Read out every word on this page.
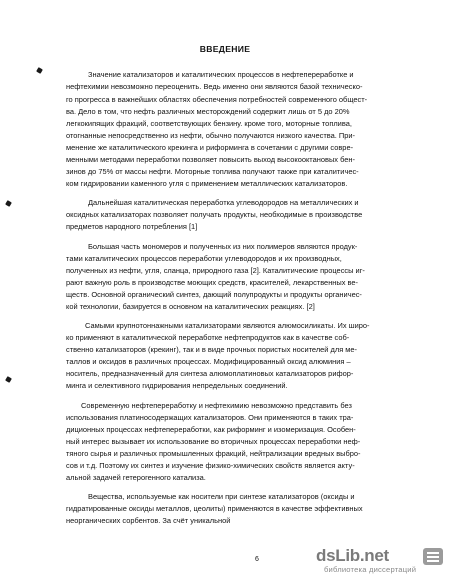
ВВЕДЕНИЕ
Значение катализаторов и каталитических процессов в нефтепереработке и
нефтехимии невозможно переоценить. Ведь именно они являются базой техническо-
го прогресса в важнейших областях обеспечения потребностей современного общест-
ва. Дело в том, что нефть различных месторождений содержит лишь от 5 до 20%
легкокипящих фракций, соответствующих бензину. кроме того, моторные топлива,
отогнанные непосредственно из нефти, обычно получаются низкого качества. При-
менение же каталитического крекинга и риформинга в сочетании с другими совре-
менными методами переработки позволяет повысить выход высокооктановых бен-
зинов до 75% от массы нефти. Моторные топлива получают также при каталитичес-
ком гидрировании каменного угля с применением металлических катализаторов.
Дальнейшая каталитическая переработка углеводородов на металлических и
оксидных катализаторах позволяет получать продукты, необходимые в производстве
предметов народного потребления [1]
Большая часть мономеров и полученных из них полимеров являются продук-
тами каталитических процессов переработки углеводородов и их производных,
полученных из нефти, угля, сланца, природного газа [2]. Каталитические процессы иг-
рают важную роль в производстве моющих средств, красителей, лекарственных ве-
ществ. Основной органический синтез, дающий полупродукты и продукты органичес-
кой технологии, базируется в основном на каталитических реакциях. [2]
Самыми крупнотоннажными катализаторами являются алюмосиликаты. Их широ-
ко применяют в каталитической переработке нефтепродуктов как в качестве соб-
ственно катализаторов (крекинг), так и в виде прочных пористых носителей для ме-
таллов и оксидов в различных процессах. Модифицированный оксид алюминия –
носитель, предназначенный для синтеза алюмоплатиновых катализаторов рифор-
минга и селективного гидрирования непредельных соединений.
Современную нефтепереработку и нефтехимию невозможно представить без
использования платиносодержащих катализаторов. Они применяются в таких тра-
диционных процессах нефтепереработки, как риформинг и изомеризация. Особен-
ный интерес вызывает их использование во вторичных процессах переработки неф-
тяного сырья и различных промышленных фракций, нейтрализации вредных выбро-
сов и т.д. Поэтому их синтез и изучение физико-химических свойств является акту-
альной задачей гетерогенного катализа.
Вещества, используемые как носители при синтезе катализаторов (оксиды и
гидратированные оксиды металлов, цеолиты) применяются в качестве эффективных
неорганических сорбентов. За счёт уникальной
6	dsLib.net
библиотека диссертаций
